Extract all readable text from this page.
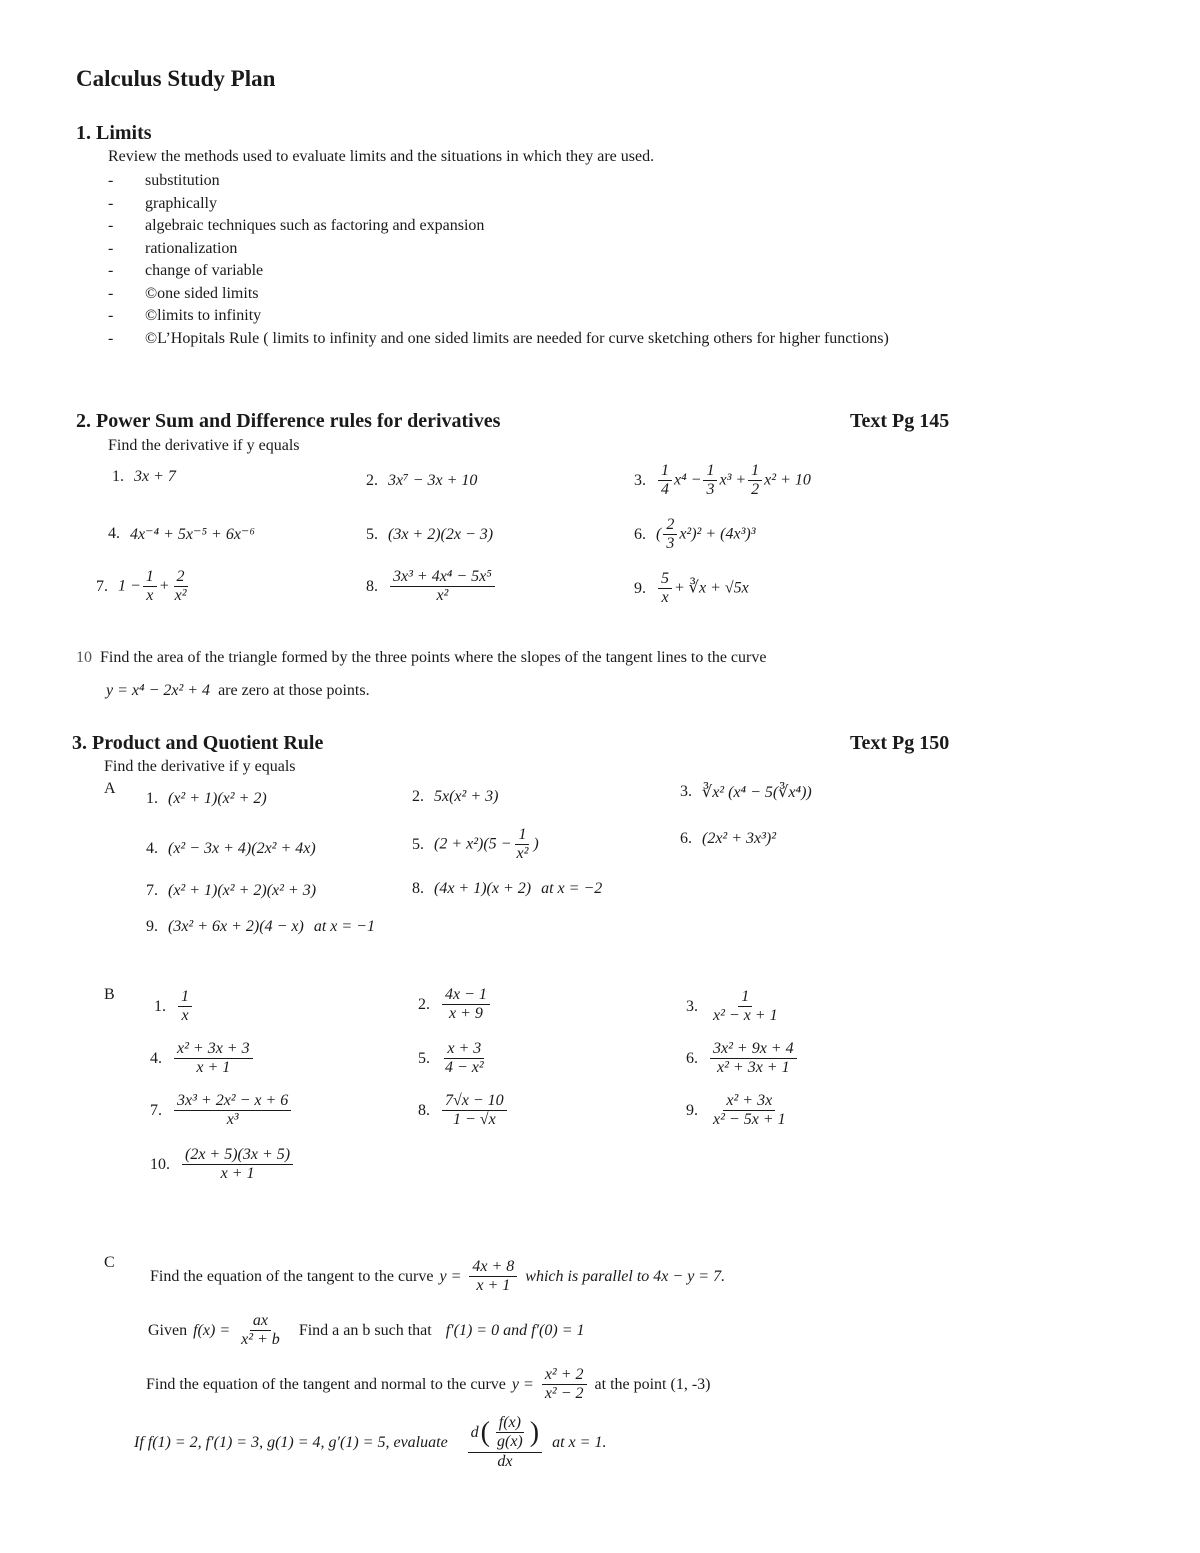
Calculus Study Plan
1. Limits
Review the methods used to evaluate limits and the situations in which they are used.
- substitution
- graphically
- algebraic techniques such as factoring and expansion
- rationalization
- change of variable
- ©one sided limits
- ©limits to infinity
- ©L’Hopitals Rule ( limits to infinity and one sided limits are needed for curve sketching others for higher functions)
2. Power Sum and Difference rules for derivatives	Text Pg 145
Find the derivative if y equals
1. 3x + 7	2. 3x⁷ − 3x + 10	3. $\frac{1}{4} x^4 - \frac{1}{3} x^3 + \frac{1}{2} x^2 + 10$
4. 4x⁻⁴ + 5x⁻⁵ + 6x⁻⁶	5. (3x + 2)(2x − 3)	6. ( $\frac{2}{3} x^2)^2 + (4x^3)^3$
7. $1 - \frac{1}{x} + \frac{2}{\text{x²}}$	8. $\frac{\text{3x³ + 4x⁴ − 5x⁵}}{\text{x²}}$	9. $\frac{5}{x}$ + ∛x + √5x
10 Find the area of the triangle formed by the three points where the slopes of the tangent lines to the curve
y = x⁴ − 2x² + 4 are zero at those points.
3. Product and Quotient Rule	Text Pg 150
Find the derivative if y equals
A
1. (x² + 1)(x² + 2)	2. 5x(x² + 3)	3. ∛x² (x⁴ − 5(∛x⁴))
4. (x² − 3x + 4)(2x² + 4x)	5. $(2 + x^2)(5 - \frac{1}{\text{x²}}$ )	6. (2x² + 3x³)²
7. (x² + 1)(x² + 2)(x² + 3)	8. (4x + 1)(x + 2) at x = −2
9. (3x² + 6x + 2)(4 − x) at x = −1
B
1. $\frac{1}{x}$	2. $\frac{4x - 1}{x + 9}$	3. $\frac{1}{\text{x² − x + 1}}$
4. $\frac{\text{x² + 3x + 3}}{x + 1}$	5. $\frac{x + 3}{\text{4 − x²}}$	6. $\frac{\text{3x² + 9x + 4}}{\text{x² + 3x + 1}}$
7. $\frac{\text{3x³ + 2x² − x + 6}}{\text{x³}}$	8. $\frac{7√x - 10}{1 - √x}$	9. $\frac{\text{x² + 3x}}{\text{x² − 5x + 1}}$
10. $\frac{(2x + 5)(3x + 5)}{x + 1}$
C
Find the equation of the tangent to the curve $y = \frac{4x + 8}{x + 1}$ which is parallel to 4x − y = 7.
Given $f(x) = \frac{ax}{\text{x² + b}}$ Find a an b such that f′(1) = 0 and f′(0) = 1
Find the equation of the tangent and normal to the curve $y = \frac{\text{x² + 2}}{\text{x² − 2}}$ at the point (1, -3)
If f(1) = 2, f′(1) = 3, g(1) = 4, g′(1) = 5, evaluate $\frac{d ( \frac{f(x)}{g(x)} )}{dx}$ at x = 1.
